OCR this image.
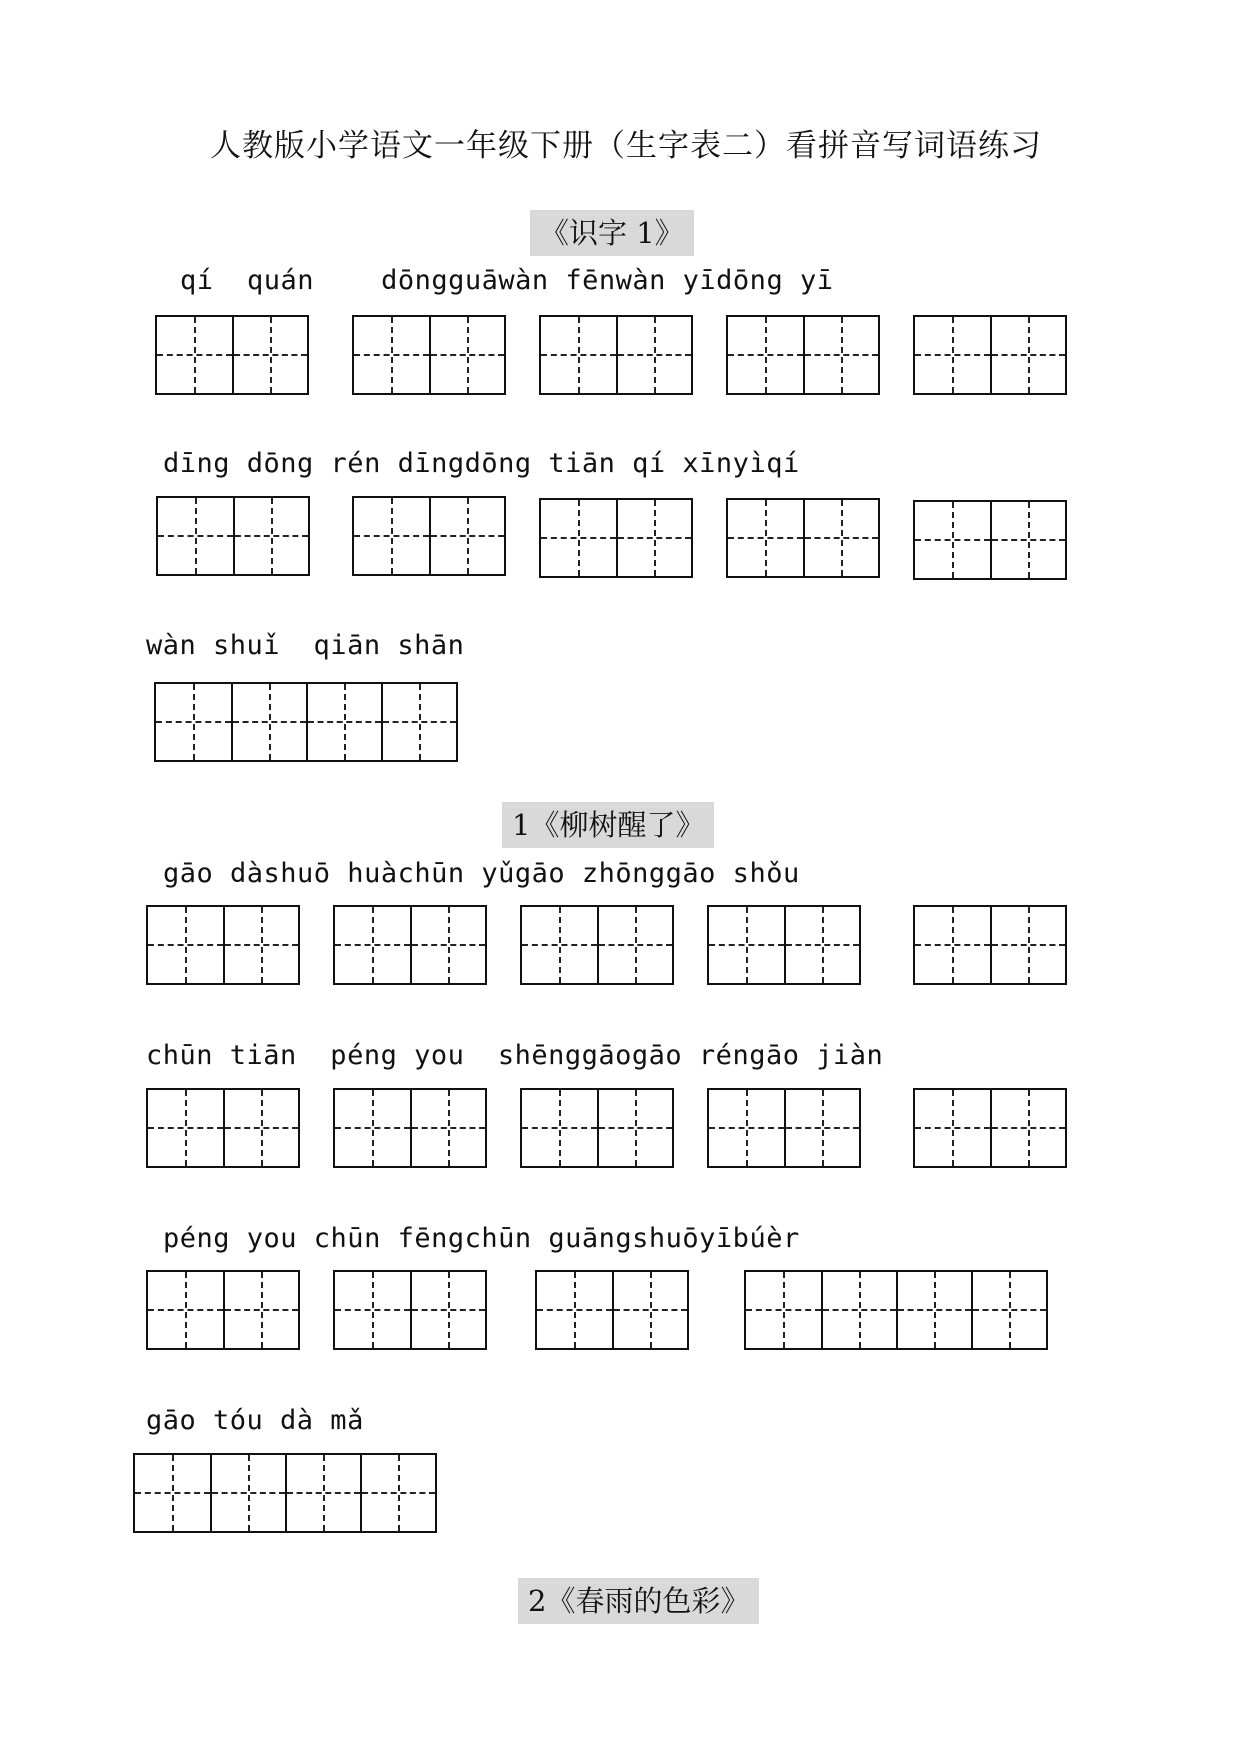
人教版小学语文一年级下册（生字表二）看拼音写词语练习
《识字 1》
qí  quán    dōngguāwàn fēnwàn yīdōng yī
dīng dōng rén dīngdōng tiān qí xīnyìqí
wàn shuǐ  qiān shān
1《柳树醒了》
gāo dàshuō huàchūn yǔgāo zhōnggāo shǒu
chūn tiān  péng you  shēnggāogāo réngāo jiàn
péng you chūn fēngchūn guāngshuōyībúèr
gāo tóu dà mǎ
2《春雨的色彩》
